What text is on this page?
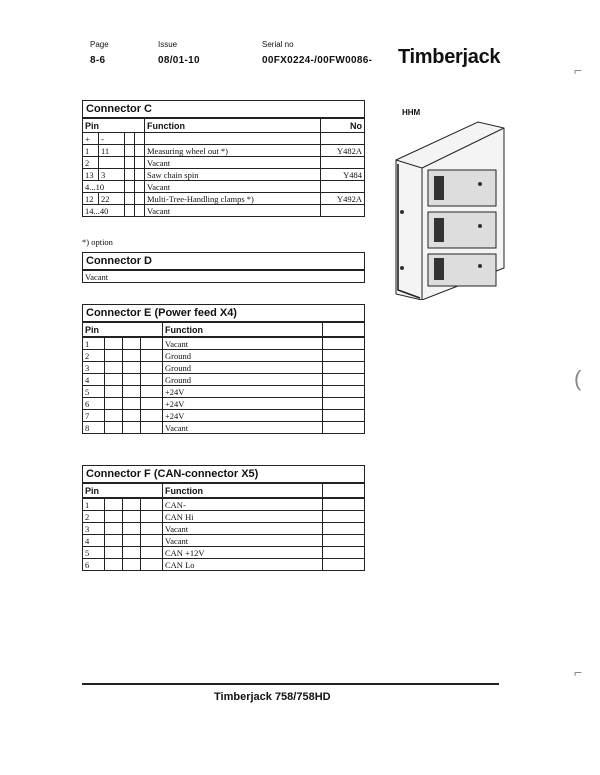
Page
8-6
Issue
08/01-10
Serial no
00FX0224-/00FW0086- Timberjack
Connector C
Pin				Function	No
+	-				
1	11			Measuring wheel out *)	Y482A
2				Vacant	
13	3			Saw chain spin	Y484
4...10				Vacant	
12	22			Multi-Tree-Handling clamps *)	Y492A
14...40				Vacant	
*) option
Connector D
Vacant
Connector E (Power feed X4)
Pin	Function	
1				Vacant	
2				Ground	
3				Ground	
4				Ground	
5				+24V	
6				+24V	
7				+24V	
8				Vacant	
Connector F (CAN-connector X5)
Pin	Function	
1				CAN-	
2				CAN Hi	
3				Vacant	
4				Vacant	
5				CAN +12V	
6				CAN Lo	
HHM
Timberjack 758/758HD
⌐
(
⌐
